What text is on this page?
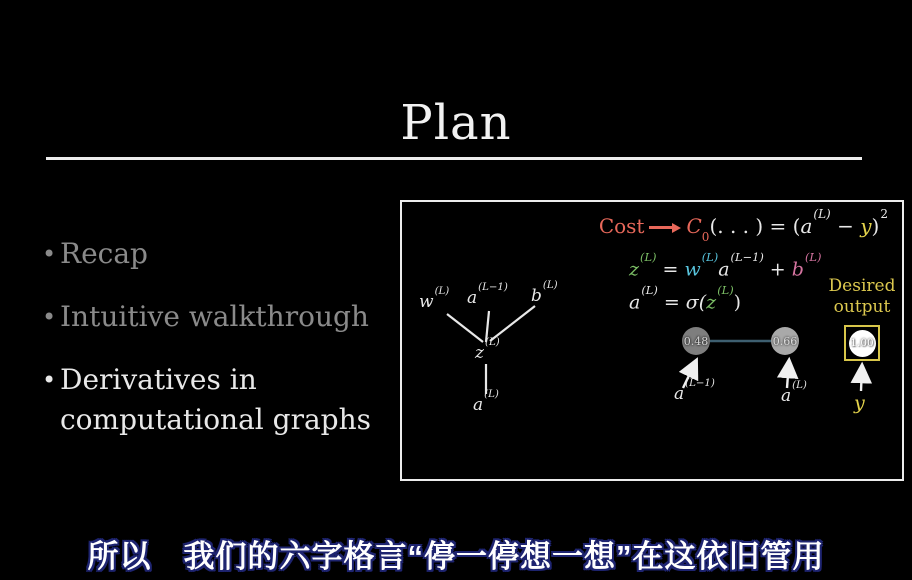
Plan
• Recap
• Intuitive walkthrough
• Derivatives in computational graphs
Cost $C_0$(. . . ) = $(a^{(L)} - y)^2$
$z^{(L)} = w^{(L)}a^{(L-1)} + b^{(L)}$
$a^{(L)} = \sigma(z^{(L)})$
$w^{(L)}$ $a^{(L-1)}$ $b^{(L)}$
$z^{(L)}$
$a^{(L)}$
0.48	0.66
Desired
output
1.00
$a^{(L-1)}$
$a^{(L)}$
y
所以　我们的六字格言“停一停想一想”在这依旧管用
